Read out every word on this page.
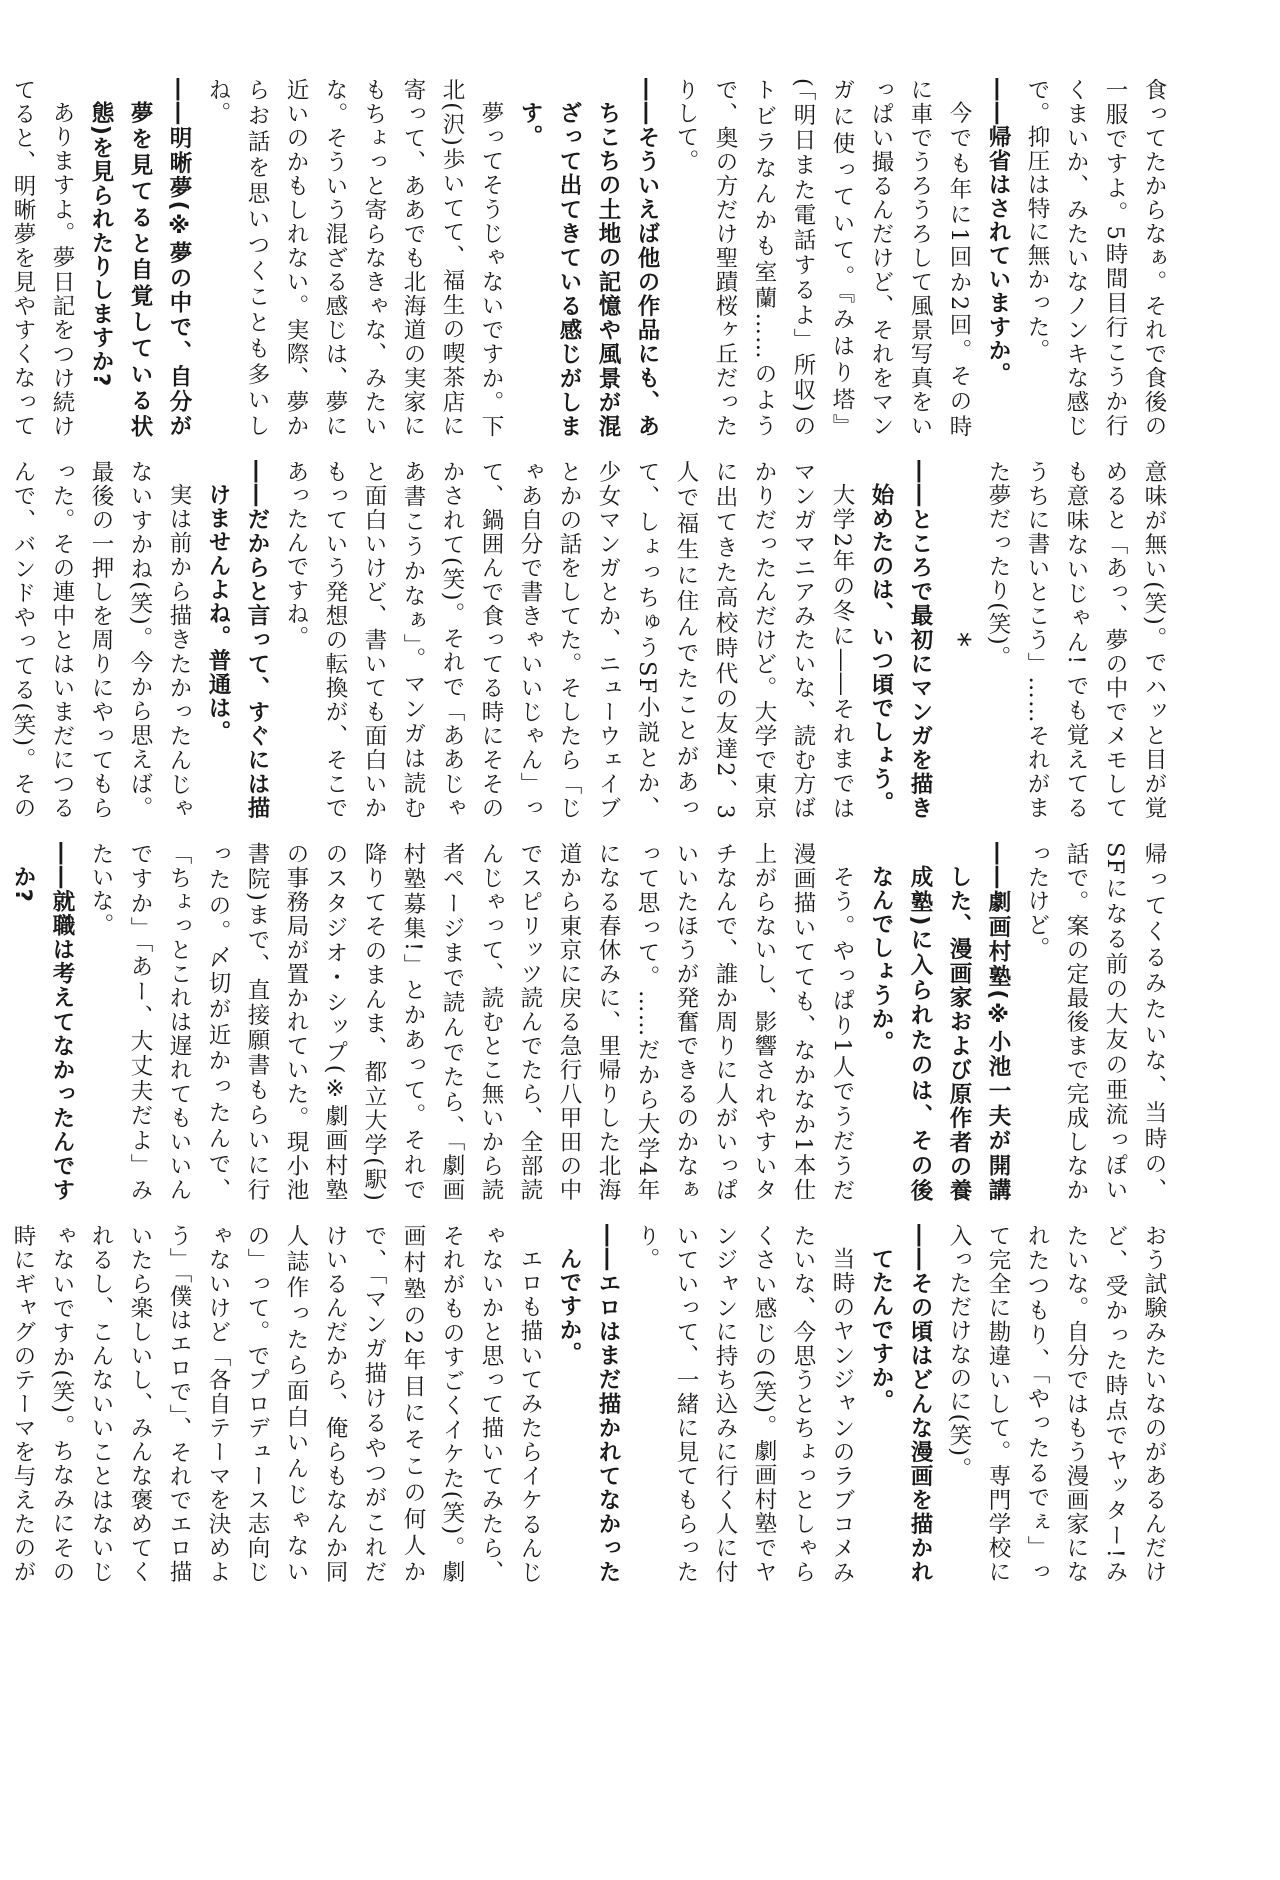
食ってたからなぁ。それで食後の一服ですよ。5時間目行こうか行くまいか、みたいなノンキな感じで。抑圧は特に無かった。

――帰省はされていますか。

今でも年に1回か2回。その時に車でうろうろして風景写真をいっぱい撮るんだけど、それをマンガに使っていて。『みはり塔』(「明日また電話するよ」所収)のトビラなんかも室蘭……のようで、奥の方だけ聖蹟桜ヶ丘だったりして。

――そういえば他の作品にも、あちこちの土地の記憶や風景が混ざって出てきている感じがします。

夢ってそうじゃないですか。下北(沢)歩いてて、福生の喫茶店に寄って、ああでも北海道の実家にもちょっと寄らなきゃな、みたいな。そういう混ざる感じは、夢に近いのかもしれない。実際、夢からお話を思いつくことも多いしね。

――明晰夢(※夢の中で、自分が夢を見てると自覚している状態)を見られたりしますか?

ありますよ。夢日記をつけ続けてると、明晰夢を見やすくなって

意味が無い(笑)。でハッと目が覚めると「あっ、夢の中でメモしても意味ないじゃん! でも覚えてるうちに書いとこう」……それがまた夢だったり(笑)。

*

――ところで最初にマンガを描き始めたのは、いつ頃でしょう。

大学2年の冬に――それまではマンガマニアみたいな、読む方ばかりだったんだけど。大学で東京に出てきた高校時代の友達2、3人で福生に住んでたことがあって、しょっちゅうSF小説とか、少女マンガとか、ニューウェイブとかの話をしてた。そしたら「じゃあ自分で書きゃいいじゃん」って、鍋囲んで食ってる時にそそのかされて(笑)。それで「ああじゃあ書こうかなぁ」。マンガは読むと面白いけど、書いても面白いかもっていう発想の転換が、そこであったんですね。

――だからと言って、すぐには描けませんよね。普通は。

実は前から描きたかったんじゃないすかね(笑)。今から思えば。最後の一押しを周りにやってもらった。その連中とはいまだにつるんで、バンドやってる(笑)。その

帰ってくるみたいな、当時の、SFになる前の大友の亜流っぽい話で。案の定最後まで完成しなかったけど。

――劇画村塾(※小池一夫が開講した、漫画家および原作者の養成塾)に入られたのは、その後なんでしょうか。

そう。やっぱり1人でうだうだ漫画描いてても、なかなか1本仕上がらないし、影響されやすいタチなんで、誰か周りに人がいっぱいいたほうが発奮できるのかなぁって思って。……だから大学4年になる春休みに、里帰りした北海道から東京に戻る急行八甲田の中でスピリッツ読んでたら、全部読んじゃって、読むとこ無いから読者ページまで読んでたら、「劇画村塾募集!」とかあって。それで降りてそのまんま、都立大学(駅)のスタジオ・シップ(※劇画村塾の事務局が置かれていた。現小池書院)まで、直接願書もらいに行ったの。〆切が近かったんで、「ちょっとこれは遅れてもいいんですか」「あー、大丈夫だよ」みたいな。

――就職は考えてなかったんですか?

おう試験みたいなのがあるんだけど、受かった時点でヤッター!みたいな。自分ではもう漫画家になれたつもり、「やったるでぇ」って完全に勘違いして。専門学校に入っただけなのに(笑)。

――その頃はどんな漫画を描かれてたんですか。

当時のヤンジャンのラブコメみたいな、今思うとちょっとしゃらくさい感じの(笑)。劇画村塾でヤンジャンに持ち込みに行く人に付いていって、一緒に見てもらったり。

――エロはまだ描かれてなかったんですか。

エロも描いてみたらイケるんじゃないかと思って描いてみたら、それがものすごくイケた(笑)。劇画村塾の2年目にそこの何人かで、「マンガ描けるやつがこれだけいるんだから、俺らもなんか同人誌作ったら面白いんじゃないの」って。でプロデュース志向じゃないけど「各自テーマを決めよう」「僕はエロで」、それでエロ描いたら楽しいし、みんな褒めてくれるし、こんないいことはないじゃないですか(笑)。ちなみにその時にギャグのテーマを与えたのが
